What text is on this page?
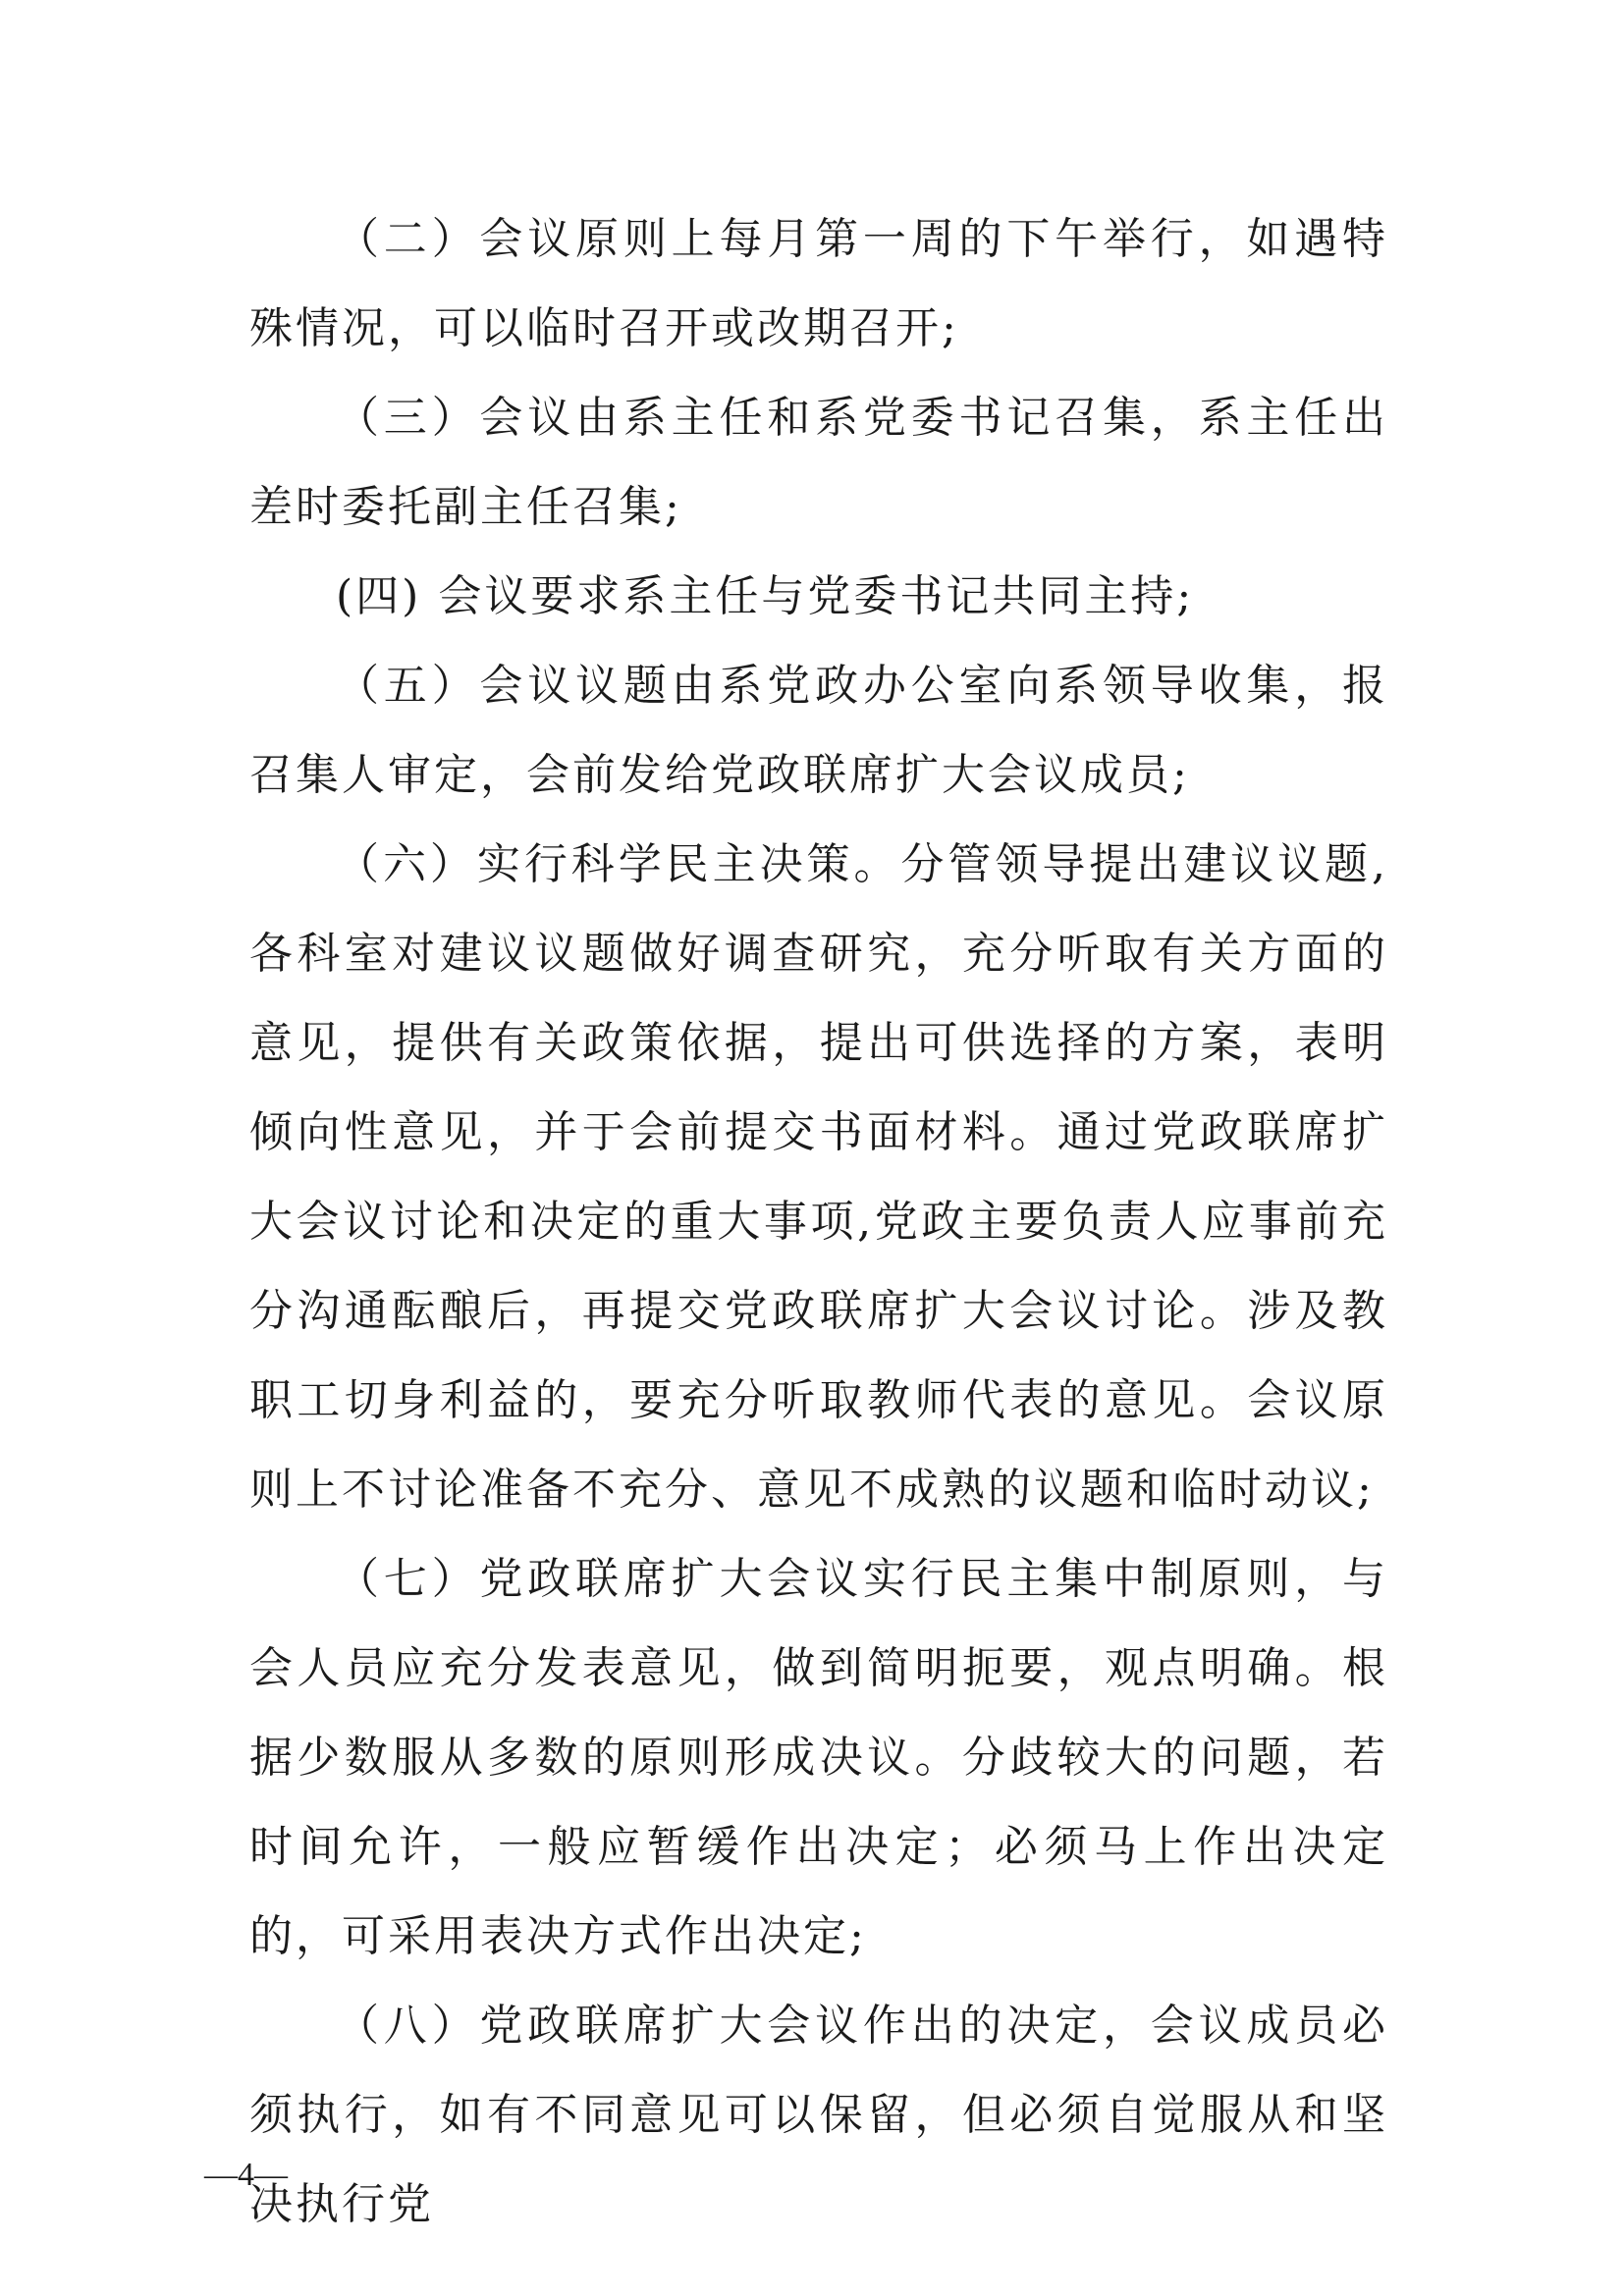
（二）会议原则上每月第一周的下午举行，如遇特殊情况，可以临时召开或改期召开;

（三）会议由系主任和系党委书记召集，系主任出差时委托副主任召集;

(四) 会议要求系主任与党委书记共同主持;

（五）会议议题由系党政办公室向系领导收集，报召集人审定，会前发给党政联席扩大会议成员;

（六）实行科学民主决策。分管领导提出建议议题,各科室对建议议题做好调查研究，充分听取有关方面的意见，提供有关政策依据，提出可供选择的方案，表明倾向性意见，并于会前提交书面材料。通过党政联席扩大会议讨论和决定的重大事项,党政主要负责人应事前充分沟通酝酿后，再提交党政联席扩大会议讨论。涉及教职工切身利益的，要充分听取教师代表的意见。会议原则上不讨论准备不充分、意见不成熟的议题和临时动议;

（七）党政联席扩大会议实行民主集中制原则，与会人员应充分发表意见，做到简明扼要，观点明确。根据少数服从多数的原则形成决议。分歧较大的问题，若时间允许，一般应暂缓作出决定；必须马上作出决定的，可采用表决方式作出决定;

（八）党政联席扩大会议作出的决定，会议成员必须执行，如有不同意见可以保留，但必须自觉服从和坚决执行党

—4—
